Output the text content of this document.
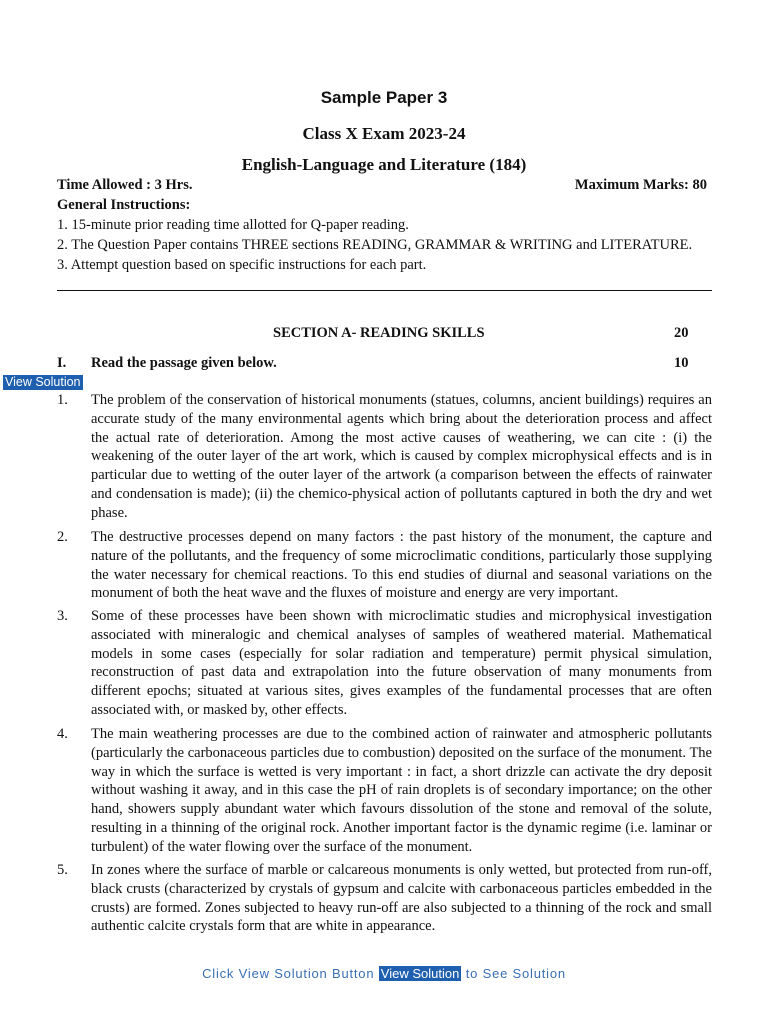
Sample Paper 3
Class X Exam 2023-24
English-Language and Literature (184)
Time Allowed : 3 Hrs.	Maximum Marks: 80
General Instructions:
1. 15-minute prior reading time allotted for Q-paper reading.
2. The Question Paper contains THREE sections READING, GRAMMAR & WRITING and LITERATURE.
3. Attempt question based on specific instructions for each part.
SECTION A- READING SKILLS	20
I. Read the passage given below.	10
View Solution
1.	The problem of the conservation of historical monuments (statues, columns, ancient buildings) requires an accurate study of the many environmental agents which bring about the deterioration process and affect the actual rate of deterioration. Among the most active causes of weathering, we can cite : (i) the weakening of the outer layer of the art work, which is caused by complex microphysical effects and is in particular due to wetting of the outer layer of the artwork (a comparison between the effects of rainwater and condensation is made); (ii) the chemico-physical action of pollutants captured in both the dry and wet phase.
2.	The destructive processes depend on many factors : the past history of the monument, the capture and nature of the pollutants, and the frequency of some microclimatic conditions, particularly those supplying the water necessary for chemical reactions. To this end studies of diurnal and seasonal variations on the monument of both the heat wave and the fluxes of moisture and energy are very important.
3.	Some of these processes have been shown with microclimatic studies and microphysical investigation associated with mineralogic and chemical analyses of samples of weathered material. Mathematical models in some cases (especially for solar radiation and temperature) permit physical simulation, reconstruction of past data and extrapolation into the future observation of many monuments from different epochs; situated at various sites, gives examples of the fundamental processes that are often associated with, or masked by, other effects.
4.	The main weathering processes are due to the combined action of rainwater and atmospheric pollutants (particularly the carbonaceous particles due to combustion) deposited on the surface of the monument. The way in which the surface is wetted is very important : in fact, a short drizzle can activate the dry deposit without washing it away, and in this case the pH of rain droplets is of secondary importance; on the other hand, showers supply abundant water which favours dissolution of the stone and removal of the solute, resulting in a thinning of the original rock. Another important factor is the dynamic regime (i.e. laminar or turbulent) of the water flowing over the surface of the monument.
5.	In zones where the surface of marble or calcareous monuments is only wetted, but protected from run-off, black crusts (characterized by crystals of gypsum and calcite with carbonaceous particles embedded in the crusts) are formed. Zones subjected to heavy run-off are also subjected to a thinning of the rock and small authentic calcite crystals form that are white in appearance.
Click View Solution Button View Solution to See Solution
